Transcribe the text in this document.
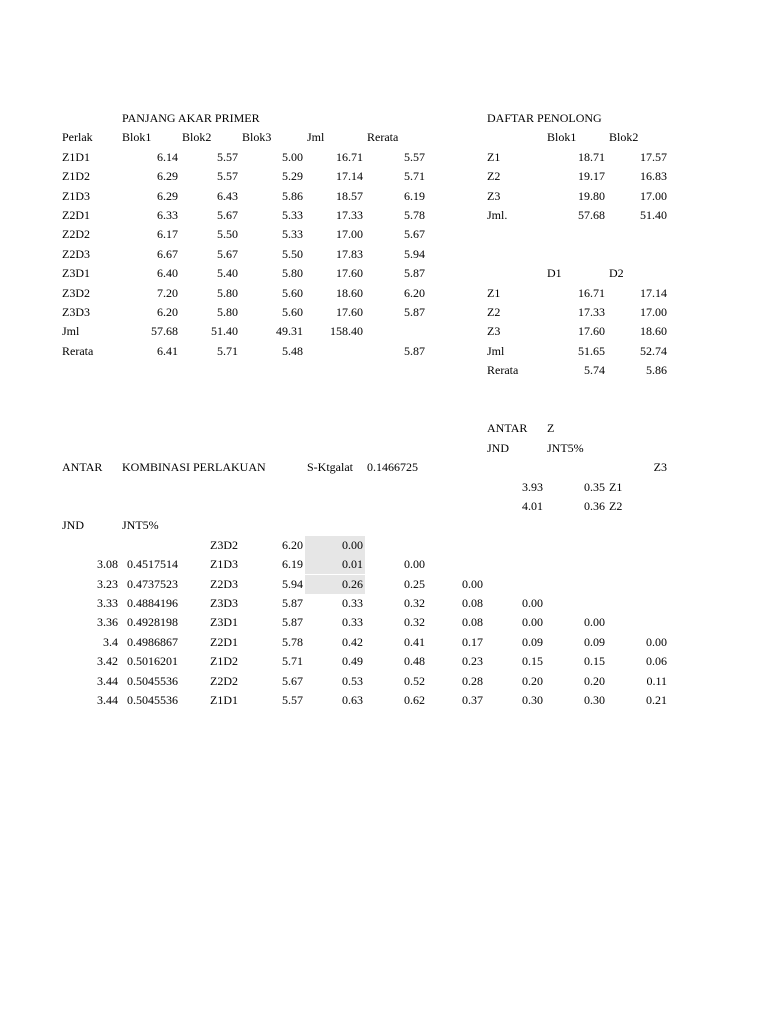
PANJANG AKAR PRIMER
Perlak	Blok1	Blok2	Blok3	Jml	Rerata
Z1D1	6.14	5.57	5.00	16.71	5.57
Z1D2	6.29	5.57	5.29	17.14	5.71
Z1D3	6.29	6.43	5.86	18.57	6.19
Z2D1	6.33	5.67	5.33	17.33	5.78
Z2D2	6.17	5.50	5.33	17.00	5.67
Z2D3	6.67	5.67	5.50	17.83	5.94
Z3D1	6.40	5.40	5.80	17.60	5.87
Z3D2	7.20	5.80	5.60	18.60	6.20
Z3D3	6.20	5.80	5.60	17.60	5.87
Jml	57.68	51.40	49.31	158.40
Rerata	6.41	5.71	5.48	5.87
DAFTAR PENOLONG
Blok1	Blok2
Z1	18.71	17.57
Z2	19.17	16.83
Z3	19.80	17.00
Jml.	57.68	51.40
D1	D2
Z1	16.71	17.14
Z2	17.33	17.00
Z3	17.60	18.60
Jml	51.65	52.74
Rerata	5.74	5.86
ANTAR	Z
JND	JNT5%
Z3
3.93	0.35 Z1
4.01	0.36 Z2
ANTAR	KOMBINASI PERLAKUAN	S-Ktgalat	0.1466725
JND	JNT5%
Z3D2	6.20	0.00
3.08 0.4517514	Z1D3	6.19	0.01	0.00
3.23 0.4737523	Z2D3	5.94	0.26	0.25	0.00
3.33 0.4884196	Z3D3	5.87	0.33	0.32	0.08	0.00
3.36 0.4928198	Z3D1	5.87	0.33	0.32	0.08	0.00	0.00
3.4 0.4986867	Z2D1	5.78	0.42	0.41	0.17	0.09	0.09	0.00
3.42 0.5016201	Z1D2	5.71	0.49	0.48	0.23	0.15	0.15	0.06
3.44 0.5045536	Z2D2	5.67	0.53	0.52	0.28	0.20	0.20	0.11
3.44 0.5045536	Z1D1	5.57	0.63	0.62	0.37	0.30	0.30	0.21
